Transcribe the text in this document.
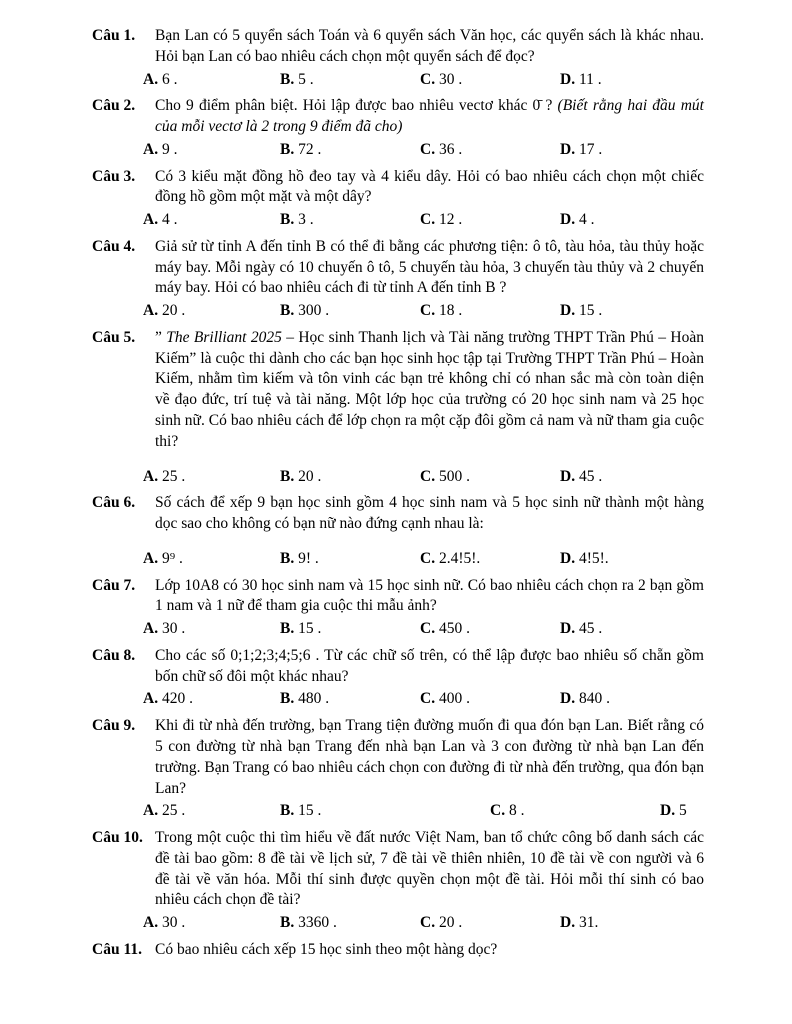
Câu 1.	Bạn Lan có 5 quyển sách Toán và 6 quyển sách Văn học, các quyển sách là khác nhau. Hỏi bạn Lan có bao nhiêu cách chọn một quyển sách để đọc?
A. 6 .	B. 5 .	C. 30 .	D. 11 .
Câu 2.	Cho 9 điểm phân biệt. Hỏi lập được bao nhiêu vectơ khác 0̄ ? (Biết rằng hai đầu mút của mỗi vectơ là 2 trong 9 điểm đã cho)
A. 9 .	B. 72 .	C. 36 .	D. 17 .
Câu 3.	Có 3 kiểu mặt đồng hồ đeo tay và 4 kiểu dây. Hỏi có bao nhiêu cách chọn một chiếc đồng hồ gồm một mặt và một dây?
A. 4 .	B. 3 .	C. 12 .	D. 4 .
Câu 4.	Giả sử từ tỉnh A đến tỉnh B có thể đi bằng các phương tiện: ô tô, tàu hỏa, tàu thủy hoặc máy bay. Mỗi ngày có 10 chuyến ô tô, 5 chuyến tàu hỏa, 3 chuyến tàu thủy và 2 chuyến máy bay. Hỏi có bao nhiêu cách đi từ tỉnh A đến tỉnh B ?
A. 20 .	B. 300 .	C. 18 .	D. 15 .
Câu 5.	” The Brilliant 2025 – Học sinh Thanh lịch và Tài năng trường THPT Trần Phú – Hoàn Kiếm” là cuộc thi dành cho các bạn học sinh học tập tại Trường THPT Trần Phú – Hoàn Kiếm, nhằm tìm kiếm và tôn vinh các bạn trẻ không chỉ có nhan sắc mà còn toàn diện về đạo đức, trí tuệ và tài năng. Một lớp học của trường có 20 học sinh nam và 25 học sinh nữ. Có bao nhiêu cách để lớp chọn ra một cặp đôi gồm cả nam và nữ tham gia cuộc thi?
A. 25 .	B. 20 .	C. 500 .	D. 45 .
Câu 6.	Số cách để xếp 9 bạn học sinh gồm 4 học sinh nam và 5 học sinh nữ thành một hàng dọc sao cho không có bạn nữ nào đứng cạnh nhau là:
A. 9⁹ .	B. 9! .	C. 2.4!5!.	D. 4!5!.
Câu 7.	Lớp 10A8 có 30 học sinh nam và 15 học sinh nữ. Có bao nhiêu cách chọn ra 2 bạn gồm 1 nam và 1 nữ để tham gia cuộc thi mẫu ảnh?
A. 30 .	B. 15 .	C. 450 .	D. 45 .
Câu 8.	Cho các số 0;1;2;3;4;5;6 . Từ các chữ số trên, có thể lập được bao nhiêu số chẵn gồm bốn chữ số đôi một khác nhau?
A. 420 .	B. 480 .	C. 400 .	D. 840 .
Câu 9.	Khi đi từ nhà đến trường, bạn Trang tiện đường muốn đi qua đón bạn Lan. Biết rằng có 5 con đường từ nhà bạn Trang đến nhà bạn Lan và 3 con đường từ nhà bạn Lan đến trường. Bạn Trang có bao nhiêu cách chọn con đường đi từ nhà đến trường, qua đón bạn Lan?
A. 25 .	B. 15 .	C. 8 .	D. 5
Câu 10. Trong một cuộc thi tìm hiểu về đất nước Việt Nam, ban tổ chức công bố danh sách các đề tài bao gồm: 8 đề tài về lịch sử, 7 đề tài về thiên nhiên, 10 đề tài về con người và 6 đề tài về văn hóa. Mỗi thí sinh được quyền chọn một đề tài. Hỏi mỗi thí sinh có bao nhiêu cách chọn đề tài?
A. 30 .	B. 3360 .	C. 20 .	D. 31.
Câu 11. Có bao nhiêu cách xếp 15 học sinh theo một hàng dọc?
